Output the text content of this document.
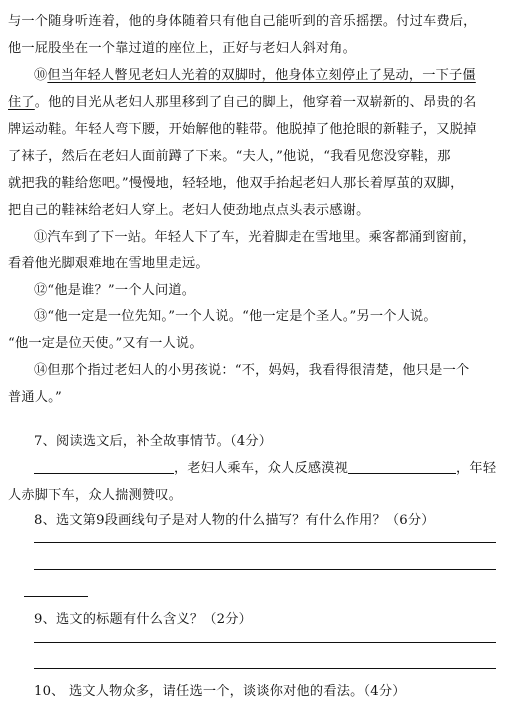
与一个随身听连着，他的身体随着只有他自己能听到的音乐摇摆。付过车费后，
他一屁股坐在一个靠过道的座位上，正好与老妇人斜对角。
⑩但当年轻人瞥见老妇人光着的双脚时，他身体立刻停止了晃动，一下子僵
住了。他的目光从老妇人那里移到了自己的脚上，他穿着一双崭新的、昂贵的名
牌运动鞋。年轻人弯下腰，开始解他的鞋带。他脱掉了他抢眼的新鞋子，又脱掉
了袜子，然后在老妇人面前蹲了下来。“夫人，”他说，“我看见您没穿鞋，那
就把我的鞋给您吧。”慢慢地，轻轻地，他双手抬起老妇人那长着厚茧的双脚，
把自己的鞋袜给老妇人穿上。老妇人使劲地点点头表示感谢。
⑪汽车到了下一站。年轻人下了车，光着脚走在雪地里。乘客都涌到窗前，
看着他光脚艰难地在雪地里走远。
⑫“他是谁？”一个人问道。
⑬“他一定是一位先知。”一个人说。“他一定是个圣人。”另一个人说。
“他一定是位天使。”又有一人说。
⑭但那个指过老妇人的小男孩说：“不，妈妈，我看得很清楚，他只是一个
普通人。”
7、阅读选文后，补全故事情节。（4分）
，老妇人乘车，众人反感漠视	，年轻
人赤脚下车，众人揣测赞叹。
8、选文第9段画线句子是对人物的什么描写？有什么作用？（6分）
9、选文的标题有什么含义？（2分）
10、 选文人物众多，请任选一个，谈谈你对他的看法。（4分）
